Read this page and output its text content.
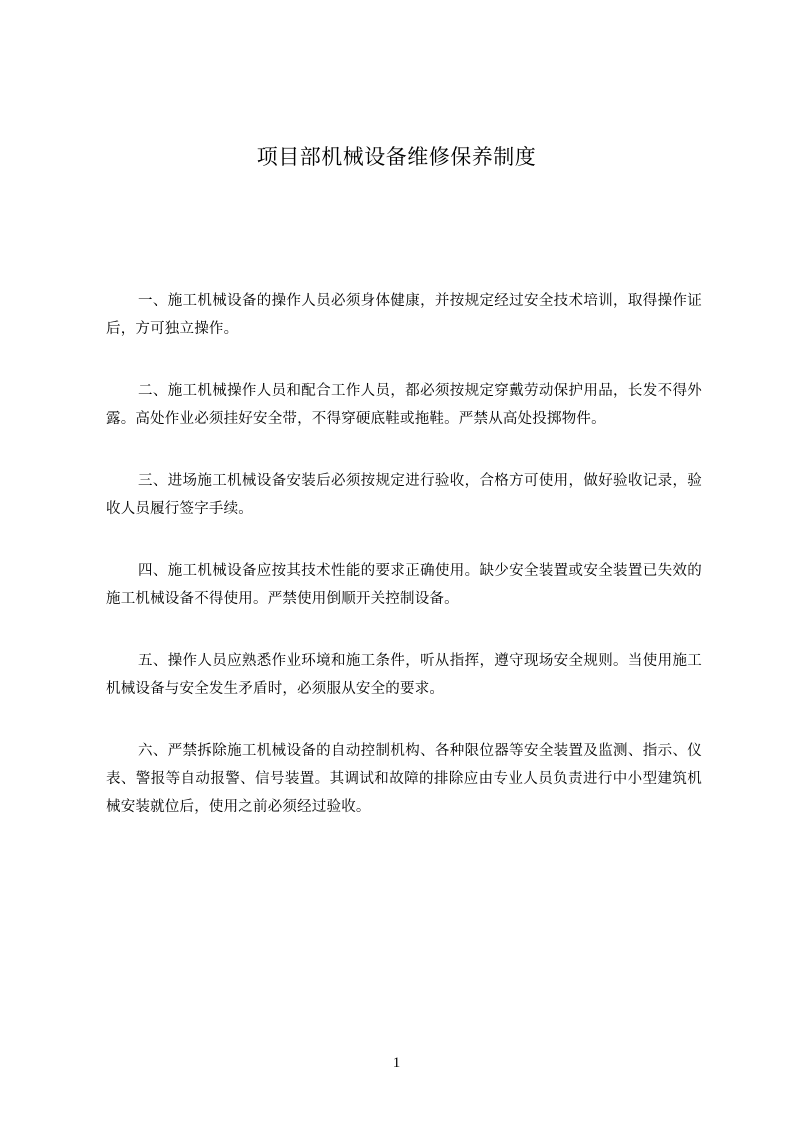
项目部机械设备维修保养制度

一、施工机械设备的操作人员必须身体健康，并按规定经过安全技术培训，取得操作证后，方可独立操作。

二、施工机械操作人员和配合工作人员，都必须按规定穿戴劳动保护用品，长发不得外露。高处作业必须挂好安全带，不得穿硬底鞋或拖鞋。严禁从高处投掷物件。

三、进场施工机械设备安装后必须按规定进行验收，合格方可使用，做好验收记录，验收人员履行签字手续。

四、施工机械设备应按其技术性能的要求正确使用。缺少安全装置或安全装置已失效的施工机械设备不得使用。严禁使用倒顺开关控制设备。

五、操作人员应熟悉作业环境和施工条件，听从指挥，遵守现场安全规则。当使用施工机械设备与安全发生矛盾时，必须服从安全的要求。

六、严禁拆除施工机械设备的自动控制机构、各种限位器等安全装置及监测、指示、仪表、警报等自动报警、信号装置。其调试和故障的排除应由专业人员负责进行中小型建筑机械安装就位后，使用之前必须经过验收。

1
